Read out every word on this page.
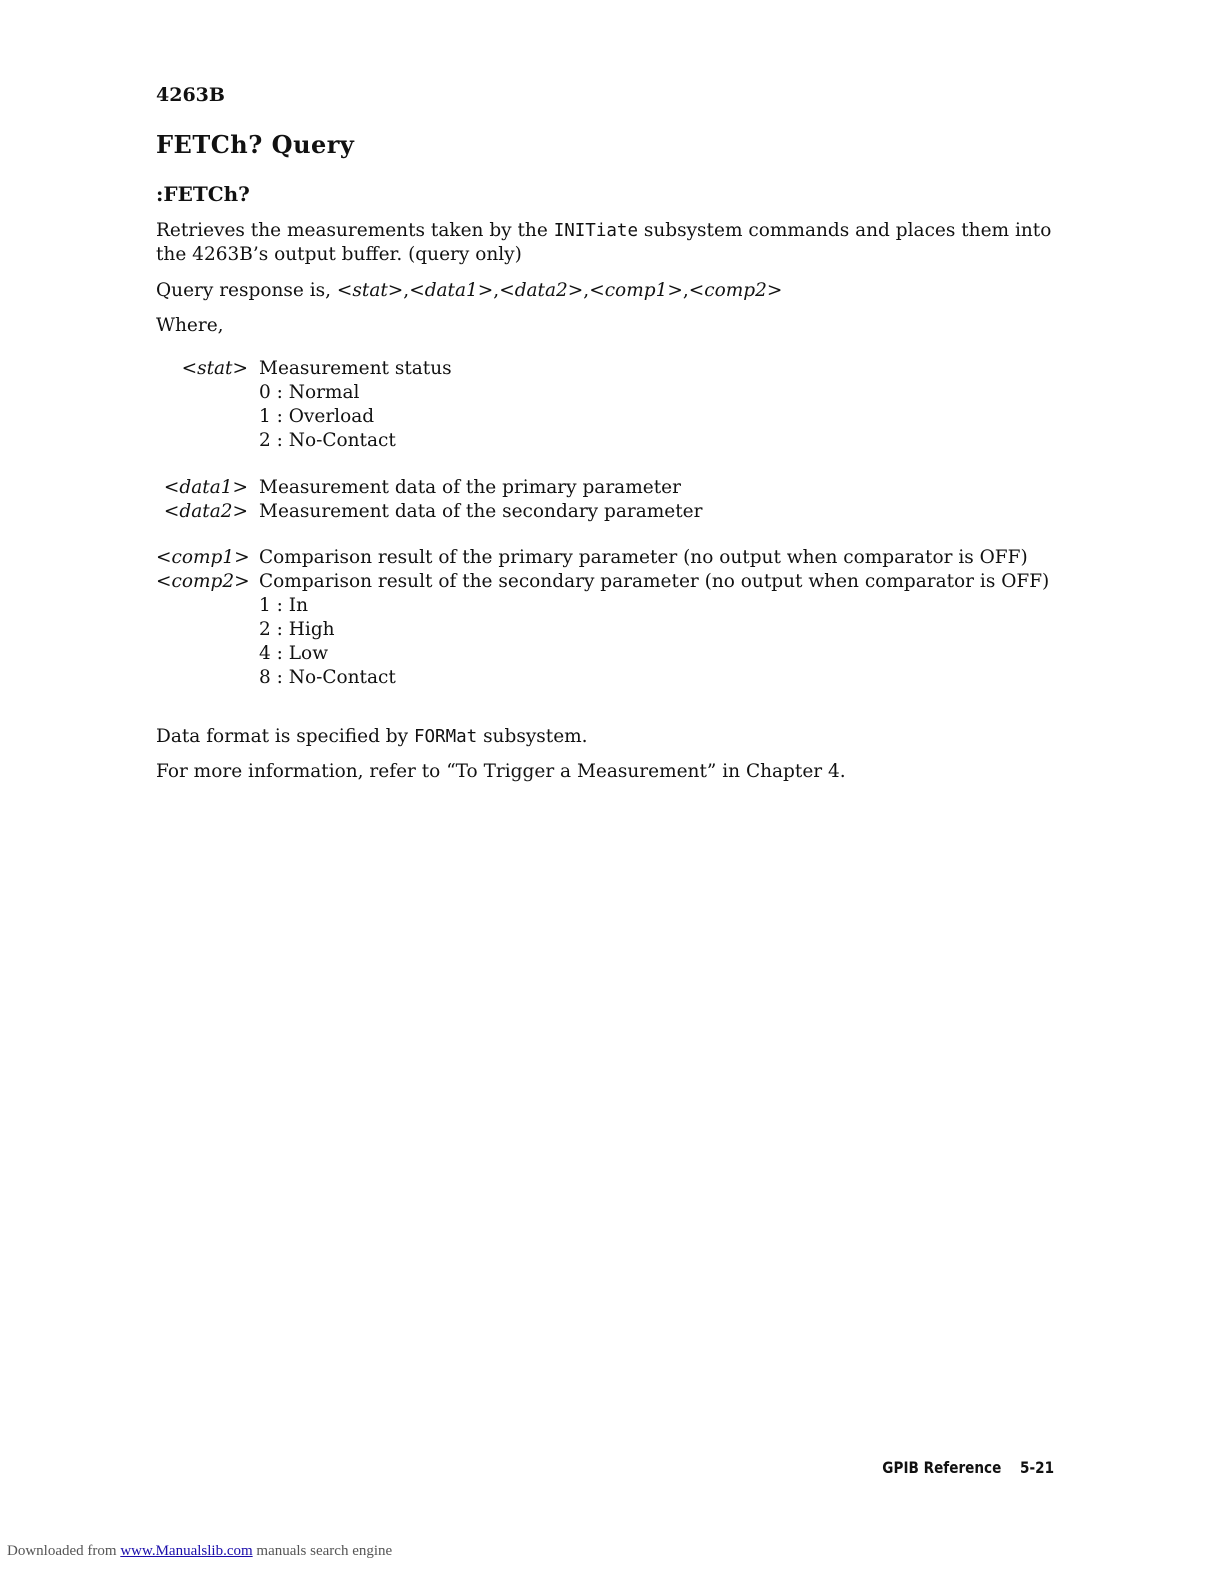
4263B
FETCh? Query
:FETCh?
Retrieves the measurements taken by the INITiate subsystem commands and places them into
the 4263B’s output buffer. (query only)
Query response is, <stat>,<data1>,<data2>,<comp1>,<comp2>
Where,
<stat> Measurement status
0 : Normal
1 : Overload
2 : No-Contact
<data1> Measurement data of the primary parameter
<data2> Measurement data of the secondary parameter
<comp1> Comparison result of the primary parameter (no output when comparator is OFF)
<comp2> Comparison result of the secondary parameter (no output when comparator is OFF)
1 : In
2 : High
4 : Low
8 : No-Contact
Data format is specified by FORMat subsystem.
For more information, refer to “To Trigger a Measurement” in Chapter 4.
GPIB Reference 5-21
Downloaded from www.Manualslib.com manuals search engine
